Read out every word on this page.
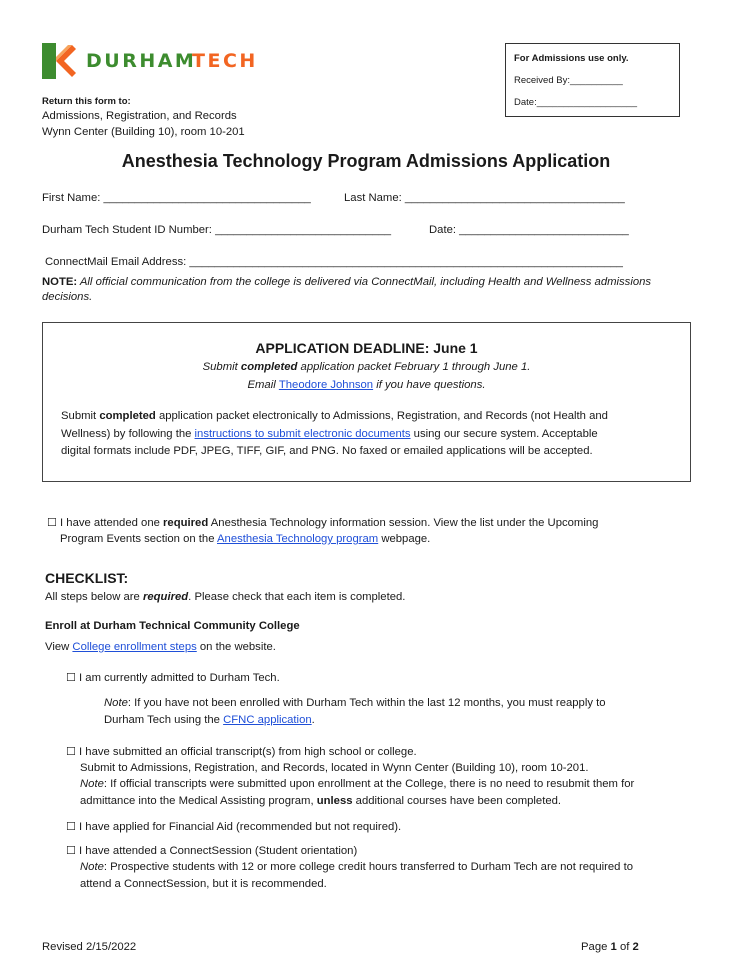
DURHAM
TECH
Return this form to:
Admissions, Registration, and Records
Wynn Center (Building 10), room 10-201
For Admissions use only.
Received By:__________
Date:___________________
Anesthesia Technology Program Admissions Application
First Name: _________________________________	Last Name: ___________________________________
Durham Tech Student ID Number: ____________________________	Date: ___________________________
ConnectMail Email Address: _____________________________________________________________________
NOTE: All official communication from the college is delivered via ConnectMail, including Health and Wellness admissions
decisions.
APPLICATION DEADLINE: June 1
Submit completed application packet February 1 through June 1.
Email Theodore Johnson if you have questions.
Submit completed application packet electronically to Admissions, Registration, and Records (not Health and
Wellness) by following the instructions to submit electronic documents using our secure system. Acceptable
digital formats include PDF, JPEG, TIFF, GIF, and PNG. No faxed or emailed applications will be accepted.
☐ I have attended one required Anesthesia Technology information session. View the list under the Upcoming
Program Events section on the Anesthesia Technology program webpage.
CHECKLIST:
All steps below are required. Please check that each item is completed.
Enroll at Durham Technical Community College
View College enrollment steps on the website.
☐ I am currently admitted to Durham Tech.
Note: If you have not been enrolled with Durham Tech within the last 12 months, you must reapply to
Durham Tech using the CFNC application.
☐ I have submitted an official transcript(s) from high school or college.
Submit to Admissions, Registration, and Records, located in Wynn Center (Building 10), room 10-201.
Note: If official transcripts were submitted upon enrollment at the College, there is no need to resubmit them for
admittance into the Medical Assisting program, unless additional courses have been completed.
☐ I have applied for Financial Aid (recommended but not required).
☐ I have attended a ConnectSession (Student orientation)
Note: Prospective students with 12 or more college credit hours transferred to Durham Tech are not required to
attend a ConnectSession, but it is recommended.
Revised 2/15/2022	Page 1 of 2
